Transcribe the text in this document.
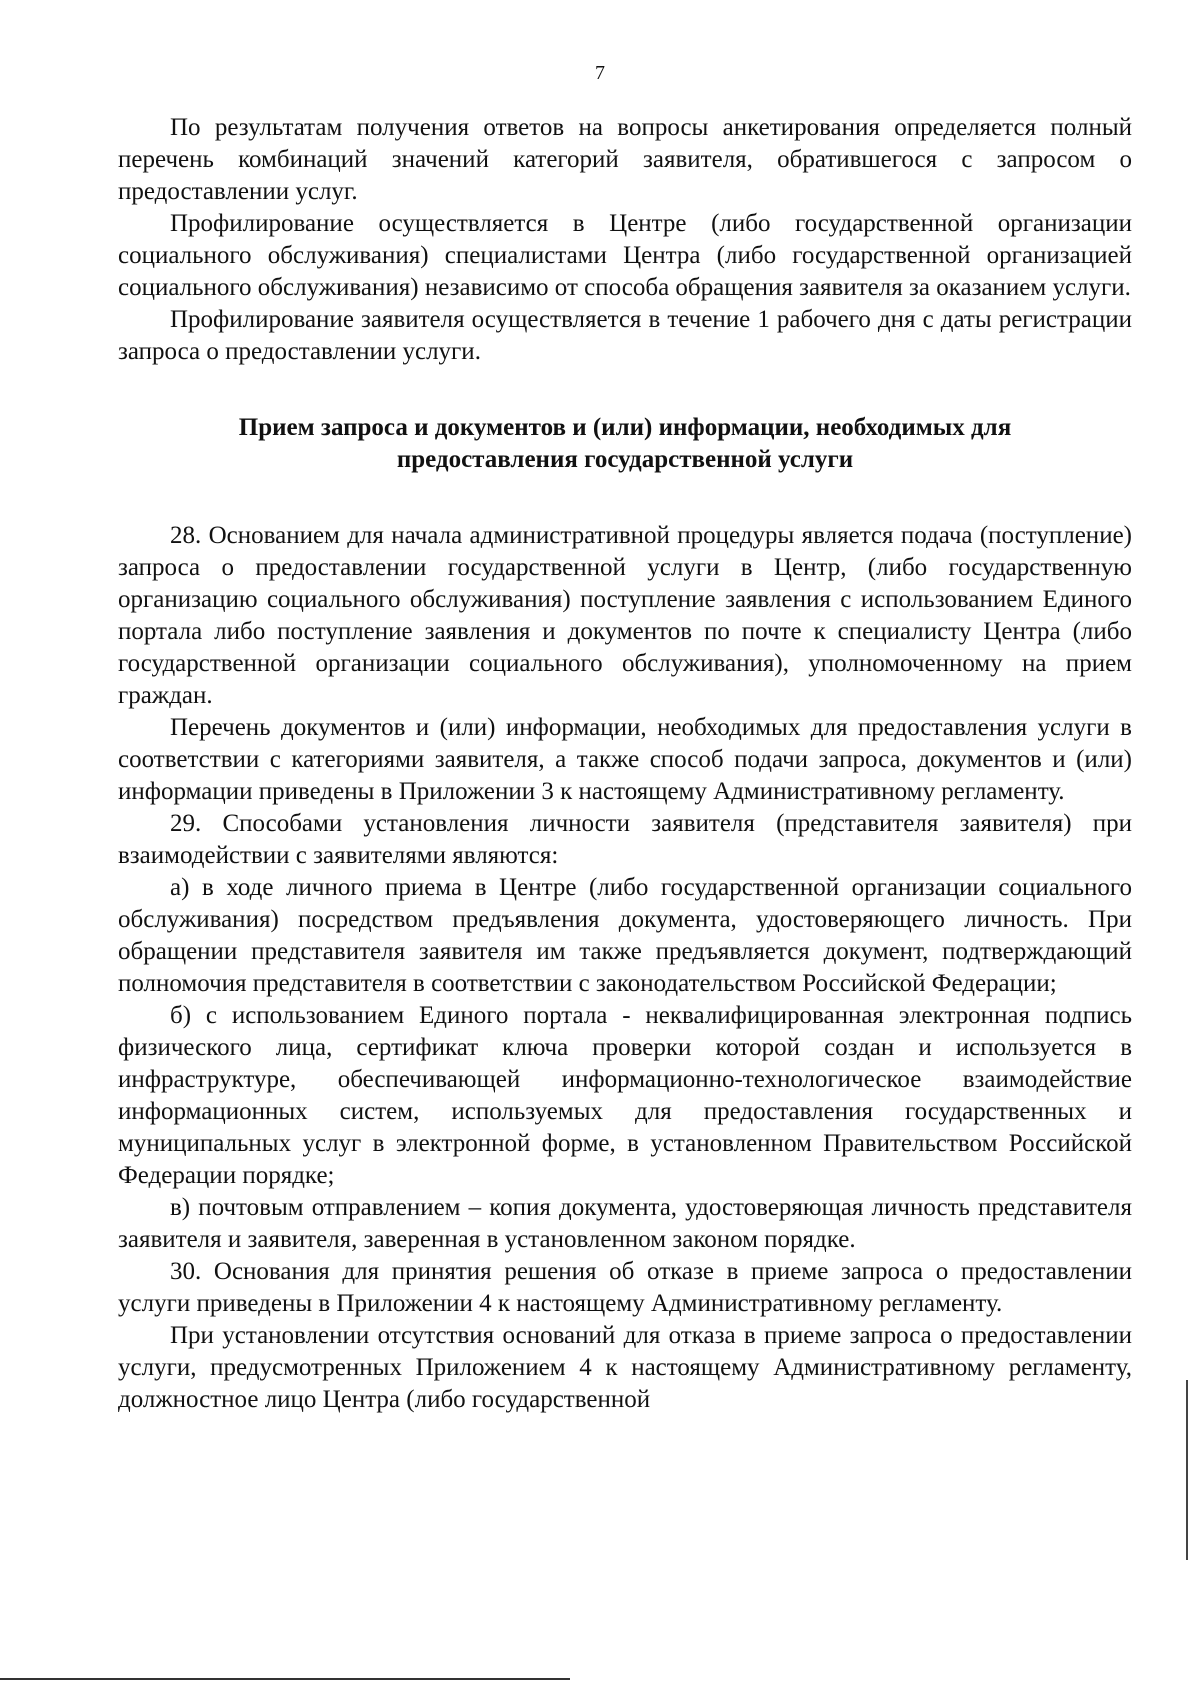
7

По результатам получения ответов на вопросы анкетирования определяется полный перечень комбинаций значений категорий заявителя, обратившегося с запросом о предоставлении услуг.

Профилирование осуществляется в Центре (либо государственной организации социального обслуживания) специалистами Центра (либо государственной организацией социального обслуживания) независимо от способа обращения заявителя за оказанием услуги.

Профилирование заявителя осуществляется в течение 1 рабочего дня с даты регистрации запроса о предоставлении услуги.

Прием запроса и документов и (или) информации, необходимых для предоставления государственной услуги

28. Основанием для начала административной процедуры является подача (поступление) запроса о предоставлении государственной услуги в Центр, (либо государственную организацию социального обслуживания) поступление заявления с использованием Единого портала либо поступление заявления и документов по почте к специалисту Центра (либо государственной организации социального обслуживания), уполномоченному на прием граждан.

Перечень документов и (или) информации, необходимых для предоставления услуги в соответствии с категориями заявителя, а также способ подачи запроса, документов и (или) информации приведены в Приложении 3 к настоящему Административному регламенту.

29. Способами установления личности заявителя (представителя заявителя) при взаимодействии с заявителями являются:

а) в ходе личного приема в Центре (либо государственной организации социального обслуживания) посредством предъявления документа, удостоверяющего личность. При обращении представителя заявителя им также предъявляется документ, подтверждающий полномочия представителя в соответствии с законодательством Российской Федерации;

б) с использованием Единого портала - неквалифицированная электронная подпись физического лица, сертификат ключа проверки которой создан и используется в инфраструктуре, обеспечивающей информационно-технологическое взаимодействие информационных систем, используемых для предоставления государственных и муниципальных услуг в электронной форме, в установленном Правительством Российской Федерации порядке;

в) почтовым отправлением – копия документа, удостоверяющая личность представителя заявителя и заявителя, заверенная в установленном законом порядке.

30. Основания для принятия решения об отказе в приеме запроса о предоставлении услуги приведены в Приложении 4 к настоящему Административному регламенту.

При установлении отсутствия оснований для отказа в приеме запроса о предоставлении услуги, предусмотренных Приложением 4 к настоящему Административному регламенту, должностное лицо Центра (либо государственной
